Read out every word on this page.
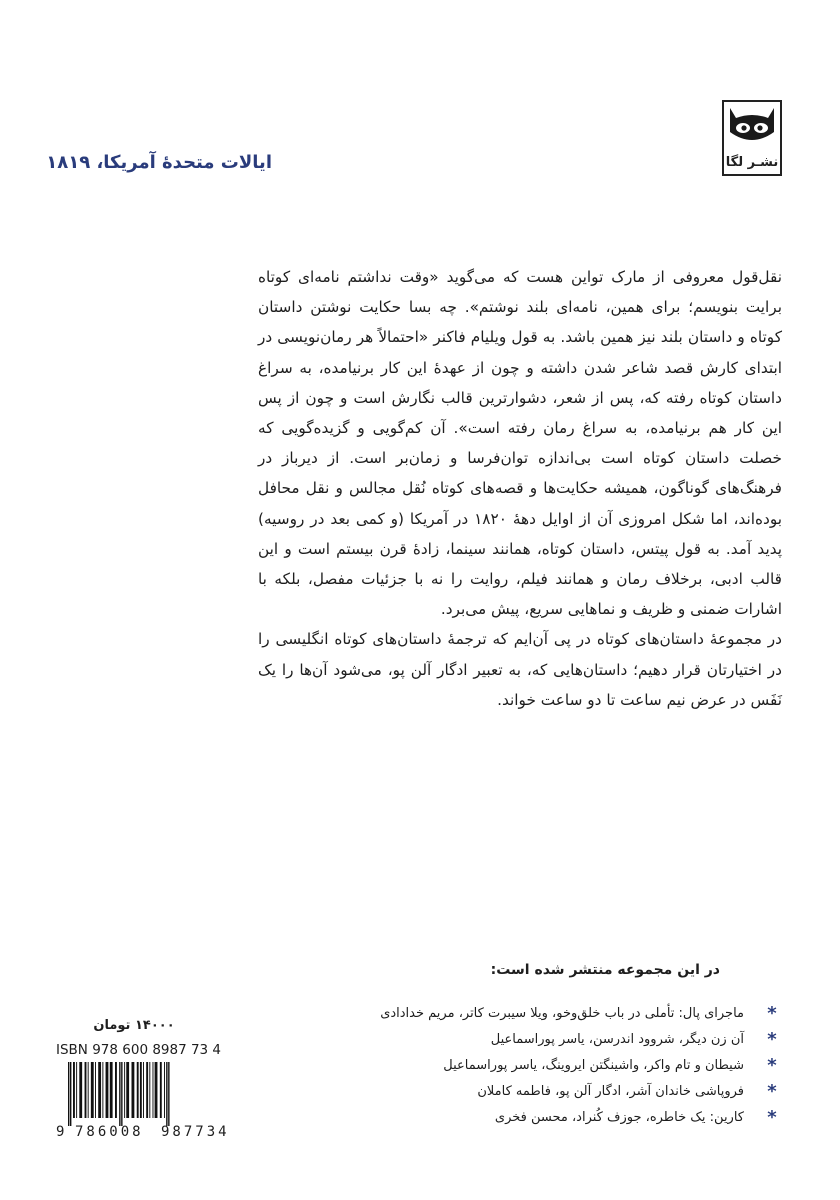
نشـر لگا
ایالات متحدهٔ آمریکا، ۱۸۱۹

نقل‌قول معروفی از مارک تواین هست که می‌گوید «وقت نداشتم نامه‌ای کوتاه برایت بنویسم؛ برای همین، نامه‌ای بلند نوشتم». چه بسا حکایت نوشتن داستان کوتاه و داستان بلند نیز همین باشد. به قول ویلیام فاکنر «احتمالاً هر رمان‌نویسی در ابتدای کارش قصد شاعر شدن داشته و چون از عهدهٔ این کار برنیامده، به سراغ داستان کوتاه رفته که، پس از شعر، دشوارترین قالب نگارش است و چون از پس این کار هم برنیامده، به سراغ رمان رفته است». آن کم‌گویی و گزیده‌گویی که خصلت داستان کوتاه است بی‌اندازه توان‌فرسا و زمان‌بر است. از دیرباز در فرهنگ‌های گوناگون، همیشه حکایت‌ها و قصه‌های کوتاه نُقل مجالس و نقل محافل بوده‌اند، اما شکل امروزی آن از اوایل دههٔ ۱۸۲۰ در آمریکا (و کمی بعد در روسیه) پدید آمد. به قول پیتس، داستان کوتاه، همانند سینما، زادهٔ قرن بیستم است و این قالب ادبی، برخلاف رمان و همانند فیلم، روایت را نه با جزئیات مفصل، بلکه با اشارات ضمنی و ظریف و نماهایی سریع، پیش می‌برد.

در مجموعهٔ داستان‌های کوتاه در پی آن‌ایم که ترجمهٔ داستان‌های کوتاه انگلیسی را در اختیارتان قرار دهیم؛ داستان‌هایی که، به تعبیر ادگار آلن پو، می‌شود آن‌ها را یک نَفَس در عرض نیم ساعت تا دو ساعت خواند.

در این مجموعه منتشر شده است:
*
ماجرای پال: تأملی در باب خلق‌وخو، ویلا سیبرت کاتر، مریم خدادادی
*
آن زن دیگر، شروود اندرسن، یاسر پوراسماعیل
*
شیطان و تام واکر، واشینگتن ایروینگ، یاسر پوراسماعیل
*
فروپاشی خاندان آشر، ادگار آلن پو، فاطمه کاملان
*
کارین: یک خاطره، جوزف کُنراد، محسن فخری
۱۴۰۰۰ تومان
ISBN 978 600 8987 73 4
9 786008 987734
